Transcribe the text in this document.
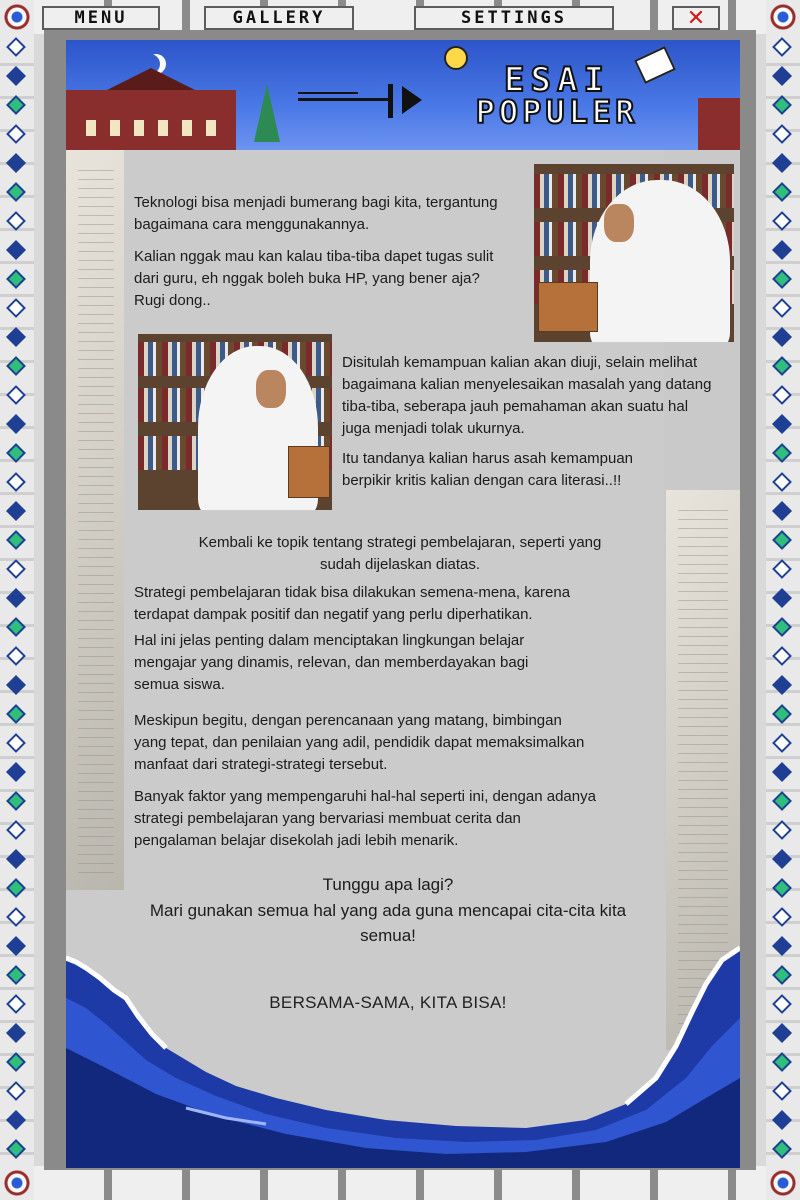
MENU	GALLERY	SETTINGS	✕
ESAI
POPULER

Teknologi bisa menjadi bumerang bagi kita, tergantung bagaimana cara menggunakannya.

Kalian nggak mau kan kalau tiba-tiba dapet tugas sulit dari guru, eh nggak boleh buka HP, yang bener aja? Rugi dong..

Disitulah kemampuan kalian akan diuji, selain melihat bagaimana kalian menyelesaikan masalah yang datang tiba-tiba, seberapa jauh pemahaman akan suatu hal juga menjadi tolak ukurnya.

Itu tandanya kalian harus asah kemampuan berpikir kritis kalian dengan cara literasi..!!

Kembali ke topik tentang strategi pembelajaran, seperti yang sudah dijelaskan diatas.

Strategi pembelajaran tidak bisa dilakukan semena-mena, karena terdapat dampak positif dan negatif yang perlu diperhatikan.

Hal ini jelas penting dalam menciptakan lingkungan belajar mengajar yang dinamis, relevan, dan memberdayakan bagi semua siswa.

Meskipun begitu, dengan perencanaan yang matang, bimbingan yang tepat, dan penilaian yang adil, pendidik dapat memaksimalkan manfaat dari strategi-strategi tersebut.

Banyak faktor yang mempengaruhi hal-hal seperti ini, dengan adanya strategi pembelajaran yang bervariasi membuat cerita dan pengalaman belajar disekolah jadi lebih menarik.

Tunggu apa lagi?

Mari gunakan semua hal yang ada guna mencapai cita-cita kita semua!

BERSAMA-SAMA, KITA BISA!
